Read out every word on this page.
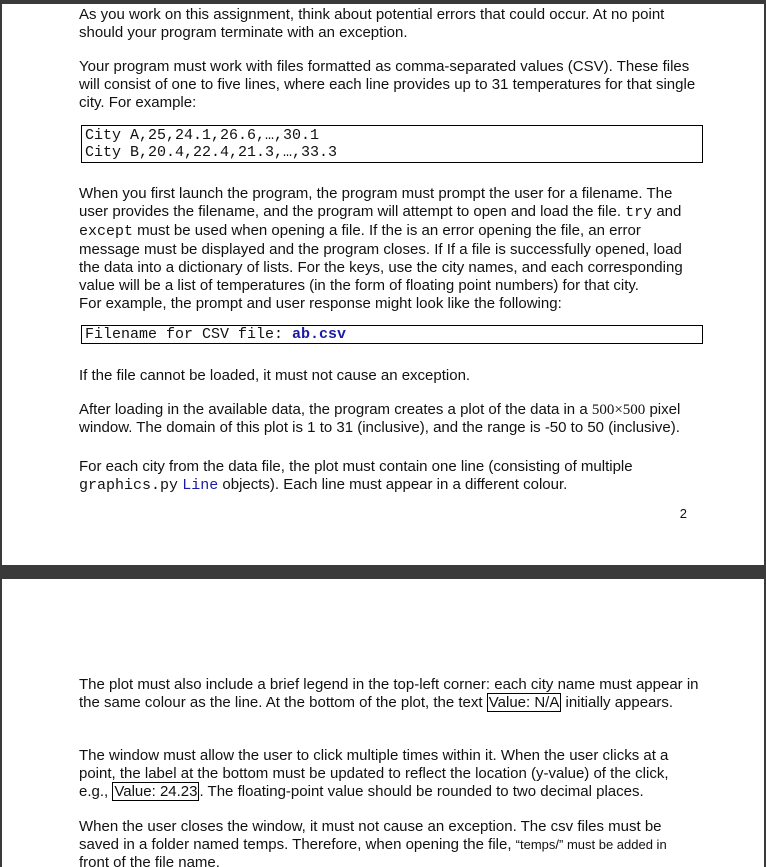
As you work on this assignment, think about potential errors that could occur. At no point should your program terminate with an exception.

Your program must work with files formatted as comma-separated values (CSV). These files will consist of one to five lines, where each line provides up to 31 temperatures for that single city. For example:

City A,25,24.1,26.6,…,30.1
City B,20.4,22.4,21.3,…,33.3

When you first launch the program, the program must prompt the user for a filename. The user provides the filename, and the program will attempt to open and load the file. try and except must be used when opening a file. If the is an error opening the file, an error message must be displayed and the program closes. If If a file is successfully opened, load the data into a dictionary of lists. For the keys, use the city names, and each corresponding value will be a list of temperatures (in the form of floating point numbers) for that city.
For example, the prompt and user response might look like the following:

Filename for CSV file: ab.csv

If the file cannot be loaded, it must not cause an exception.

After loading in the available data, the program creates a plot of the data in a 500×500 pixel window. The domain of this plot is 1 to 31 (inclusive), and the range is -50 to 50 (inclusive).

For each city from the data file, the plot must contain one line (consisting of multiple graphics.py Line objects). Each line must appear in a different colour.

2

The plot must also include a brief legend in the top-left corner: each city name must appear in the same colour as the line. At the bottom of the plot, the text Value: N/A initially appears.

The window must allow the user to click multiple times within it. When the user clicks at a point, the label at the bottom must be updated to reflect the location (y-value) of the click, e.g., Value: 24.23 . The floating-point value should be rounded to two decimal places.

When the user closes the window, it must not cause an exception. The csv files must be saved in a folder named temps. Therefore, when opening the file, “temps/” must be added in front of the file name.
